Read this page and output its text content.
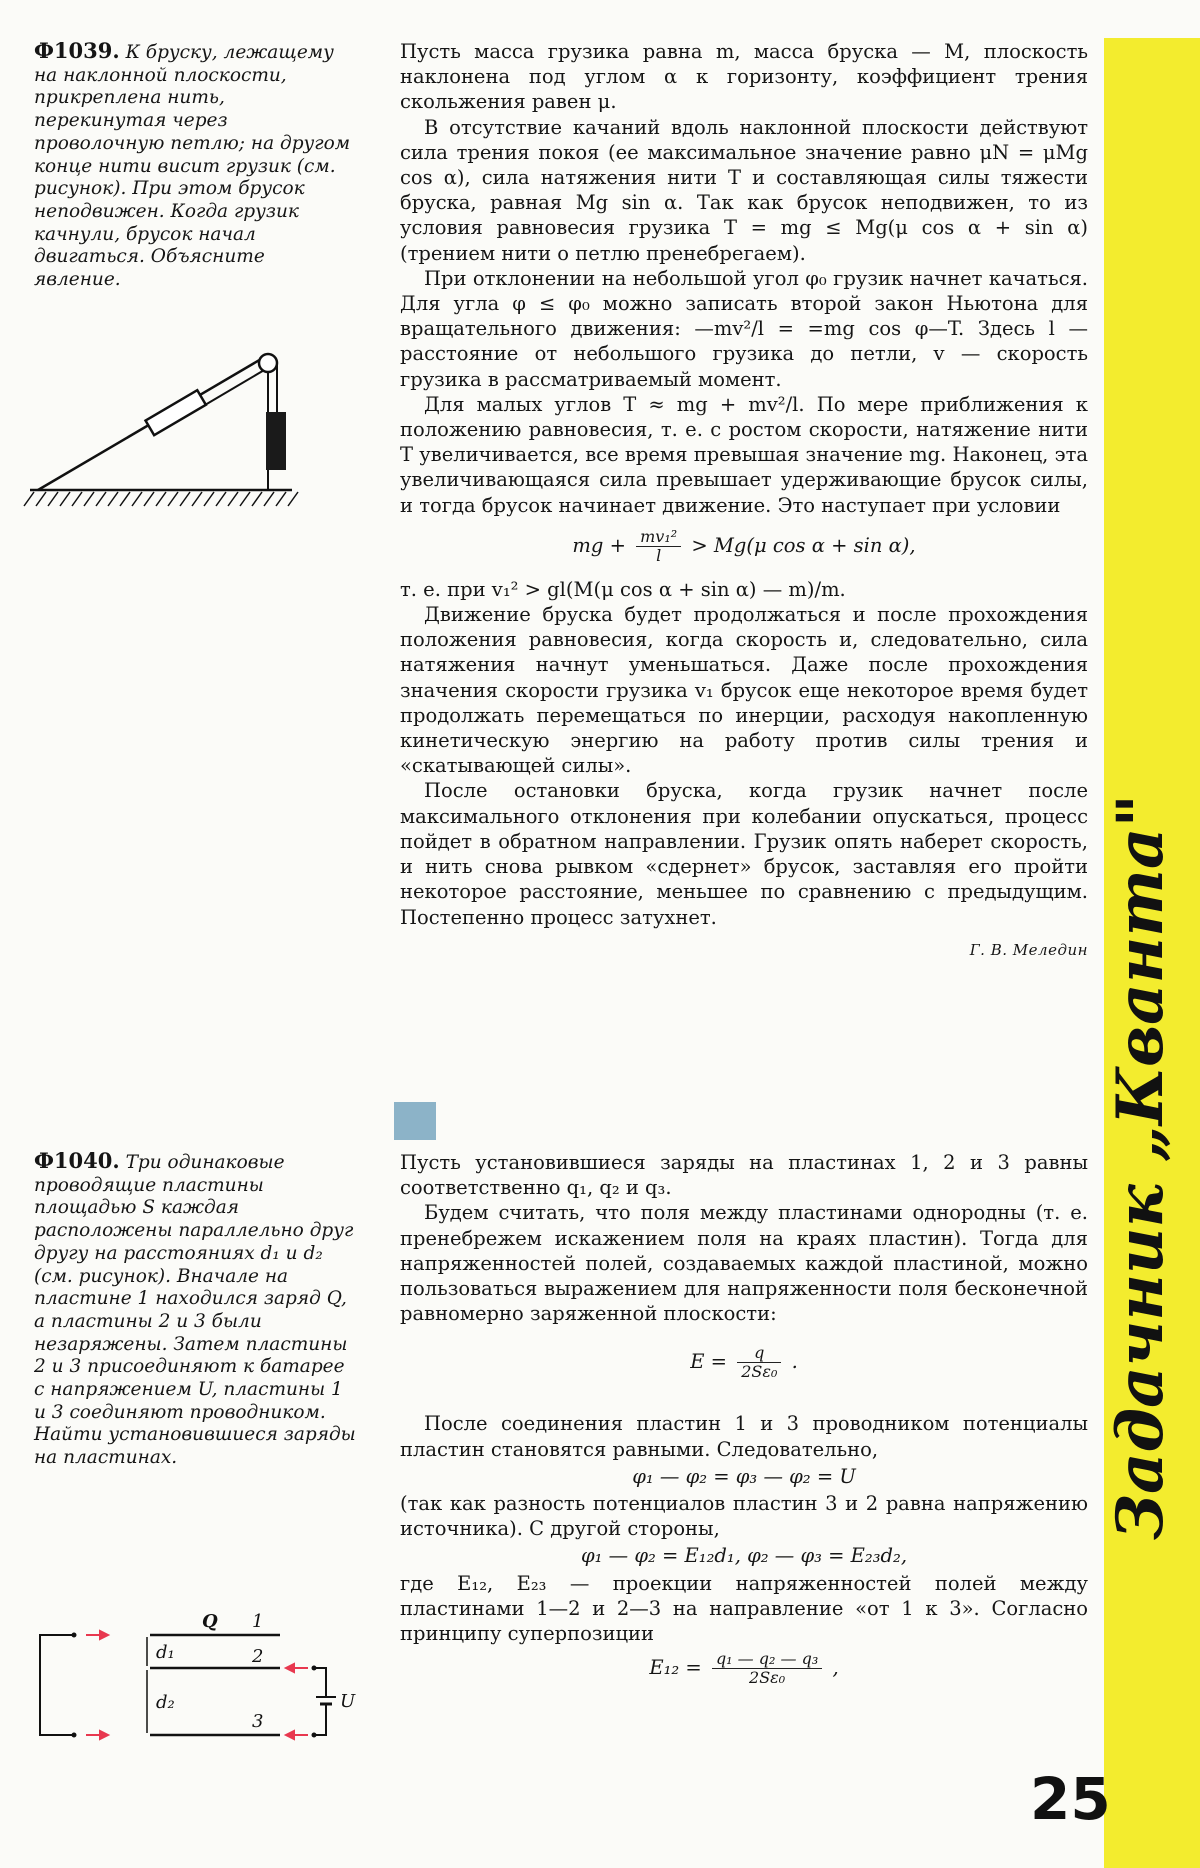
Задачник „Кванта"
Ф1039. К бруску, лежащему на наклонной плоскости, прикреплена нить, перекинутая через проволочную петлю; на другом конце нити висит грузик (см. рисунок). При этом брусок неподвижен. Когда грузик качнули, брусок начал двигаться. Объясните явление.

Пусть масса грузика равна m, масса бруска — M, плоскость наклонена под углом α к горизонту, коэффициент трения скольжения равен μ.

В отсутствие качаний вдоль наклонной плоскости действуют сила трения покоя (ее максимальное значение равно μN = μMg cos α), сила натяжения нити T и составляющая силы тяжести бруска, равная Mg sin α. Так как брусок неподвижен, то из условия равновесия грузика T = mg ≤ Mg(μ cos α + sin α) (трением нити о петлю пренебрегаем).

При отклонении на небольшой угол φ₀ грузик начнет качаться. Для угла φ ≤ φ₀ можно записать второй закон Ньютона для вращательного движения: —mv²/l = =mg cos φ—T. Здесь l — расстояние от небольшого грузика до петли, v — скорость грузика в рассматриваемый момент.

Для малых углов T ≈ mg + mv²/l. По мере приближения к положению равновесия, т. е. с ростом скорости, натяжение нити T увеличивается, все время превышая значение mg. Наконец, эта увеличивающаяся сила превышает удерживающие брусок силы, и тогда брусок начинает движение. Это наступает при условии

mg + $\frac{\text{mv₁²}}{l} > Mg(\mu$ cos α + sin α),

т. е. при v₁² > gl(M(μ cos α + sin α) — m)/m.

Движение бруска будет продолжаться и после прохождения положения равновесия, когда скорость и, следовательно, сила натяжения начнут уменьшаться. Даже после прохождения значения скорости грузика v₁ брусок еще некоторое время будет продолжать перемещаться по инерции, расходуя накопленную кинетическую энергию на работу против силы трения и «скатывающей силы».

После остановки бруска, когда грузик начнет после максимального отклонения при колебании опускаться, процесс пойдет в обратном направлении. Грузик опять наберет скорость, и нить снова рывком «сдернет» брусок, заставляя его пройти некоторое расстояние, меньшее по сравнению с предыдущим. Постепенно процесс затухнет.

Г. В. Меледин
Ф1040. Три одинаковые проводящие пластины площадью S каждая расположены параллельно друг другу на расстояниях d₁ и d₂ (см. рисунок). Вначале на пластине 1 находился заряд Q, а пластины 2 и 3 были незаряжены. Затем пластины 2 и 3 присоединяют к батарее с напряжением U, пластины 1 и 3 соединяют проводником. Найти установившиеся заряды на пластинах.
Q 1
2
3
d₁
d₂	U

Пусть установившиеся заряды на пластинах 1, 2 и 3 равны соответственно q₁, q₂ и q₃.

Будем считать, что поля между пластинами однородны (т. е. пренебрежем искажением поля на краях пластин). Тогда для напряженностей полей, создаваемых каждой пластиной, можно пользоваться выражением для напряженности поля бесконечной равномерно заряженной плоскости:

$E = \frac{q}{\text{2Sε₀}}$ .

После соединения пластин 1 и 3 проводником потенциалы пластин становятся равными. Следовательно,

φ₁ — φ₂ = φ₃ — φ₂ = U

(так как разность потенциалов пластин 3 и 2 равна напряжению источника). С другой стороны,

φ₁ — φ₂ = E₁₂d₁, φ₂ — φ₃ = E₂₃d₂,

где E₁₂, E₂₃ — проекции напряженностей полей между пластинами 1—2 и 2—3 на направление «от 1 к 3». Согласно принципу суперпозиции

$E_{12} = \frac{\text{q₁ — q₂ — q₃}}{\text{2Sε₀}}$ ,
25
